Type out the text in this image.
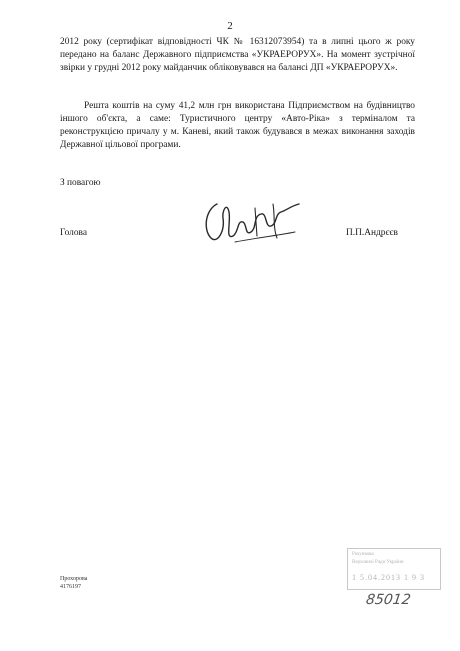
2

2012 року (сертифікат відповідності ЧК № 16312073954) та в липні цього ж року передано на баланс Державного підприємства «УКРАЕРОРУХ». На момент зустрічної звірки у грудні 2012 року майданчик обліковувався на балансі ДП «УКРАЕРОРУХ».

Решта коштів на суму 41,2 млн грн використана Підприємством на будівництво іншого об'єкта, а саме: Туристичного центру «Авто-Ріка» з терміналом та реконструкцією причалу у м. Каневі, який також будувався в межах виконання заходів Державної цільової програми.

З повагою
Голова	П.П.Андрєєв
Прохорова
4176197
Рахункова
Верховної Ради України
1 5.04.2013 1 9 3
85012
